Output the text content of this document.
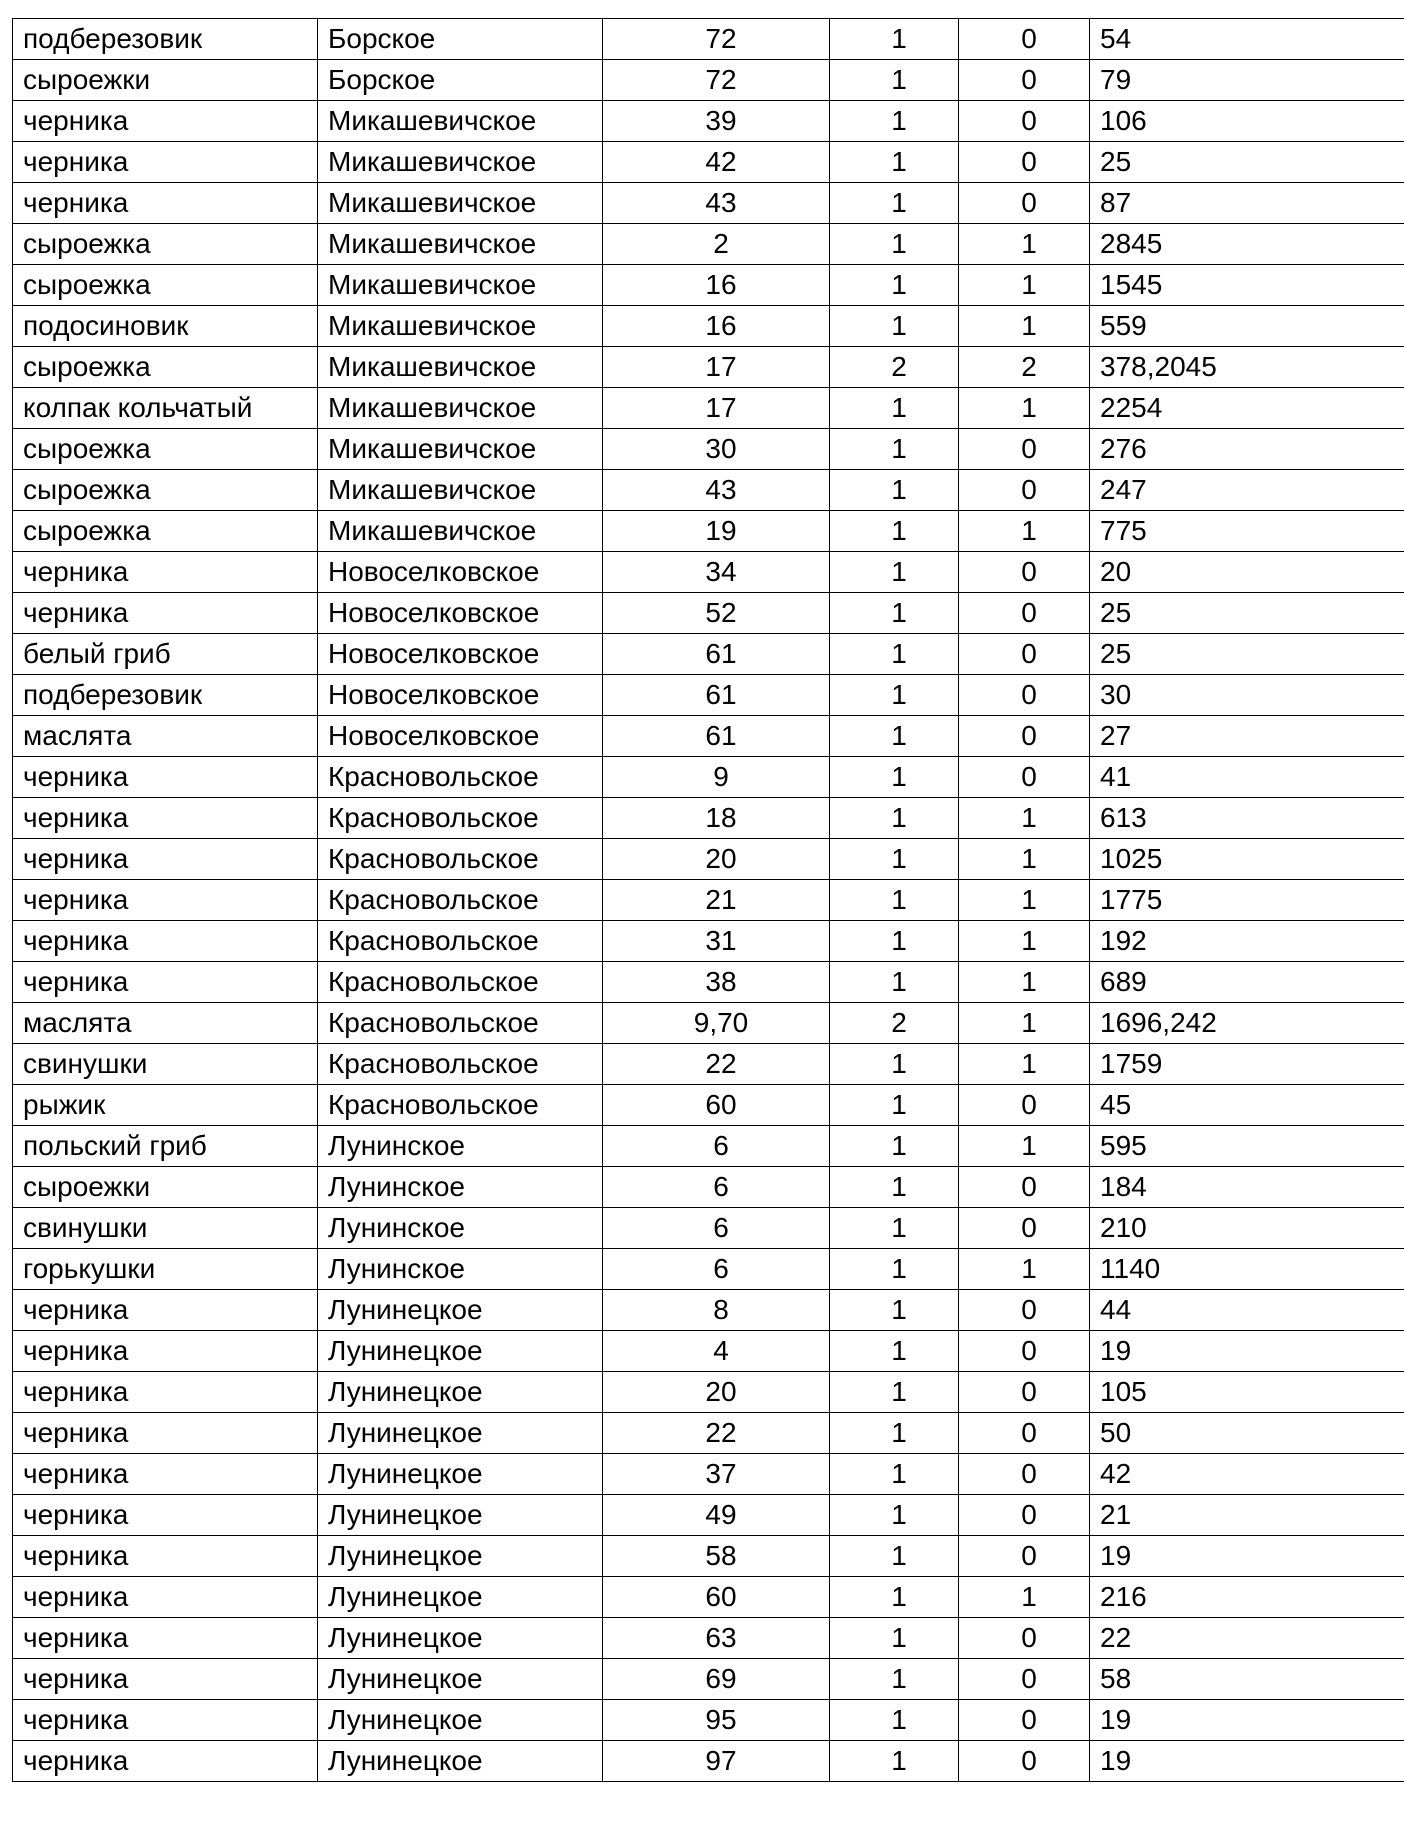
подберезовик	Борское	72	1	0	54
сыроежки	Борское	72	1	0	79
черника	Микашевичское	39	1	0	106
черника	Микашевичское	42	1	0	25
черника	Микашевичское	43	1	0	87
сыроежка	Микашевичское	2	1	1	2845
сыроежка	Микашевичское	16	1	1	1545
подосиновик	Микашевичское	16	1	1	559
сыроежка	Микашевичское	17	2	2	378,2045
колпак кольчатый	Микашевичское	17	1	1	2254
сыроежка	Микашевичское	30	1	0	276
сыроежка	Микашевичское	43	1	0	247
сыроежка	Микашевичское	19	1	1	775
черника	Новоселковское	34	1	0	20
черника	Новоселковское	52	1	0	25
белый гриб	Новоселковское	61	1	0	25
подберезовик	Новоселковское	61	1	0	30
маслята	Новоселковское	61	1	0	27
черника	Красновольское	9	1	0	41
черника	Красновольское	18	1	1	613
черника	Красновольское	20	1	1	1025
черника	Красновольское	21	1	1	1775
черника	Красновольское	31	1	1	192
черника	Красновольское	38	1	1	689
маслята	Красновольское	9,70	2	1	1696,242
свинушки	Красновольское	22	1	1	1759
рыжик	Красновольское	60	1	0	45
польский гриб	Лунинское	6	1	1	595
сыроежки	Лунинское	6	1	0	184
свинушки	Лунинское	6	1	0	210
горькушки	Лунинское	6	1	1	1140
черника	Лунинецкое	8	1	0	44
черника	Лунинецкое	4	1	0	19
черника	Лунинецкое	20	1	0	105
черника	Лунинецкое	22	1	0	50
черника	Лунинецкое	37	1	0	42
черника	Лунинецкое	49	1	0	21
черника	Лунинецкое	58	1	0	19
черника	Лунинецкое	60	1	1	216
черника	Лунинецкое	63	1	0	22
черника	Лунинецкое	69	1	0	58
черника	Лунинецкое	95	1	0	19
черника	Лунинецкое	97	1	0	19
